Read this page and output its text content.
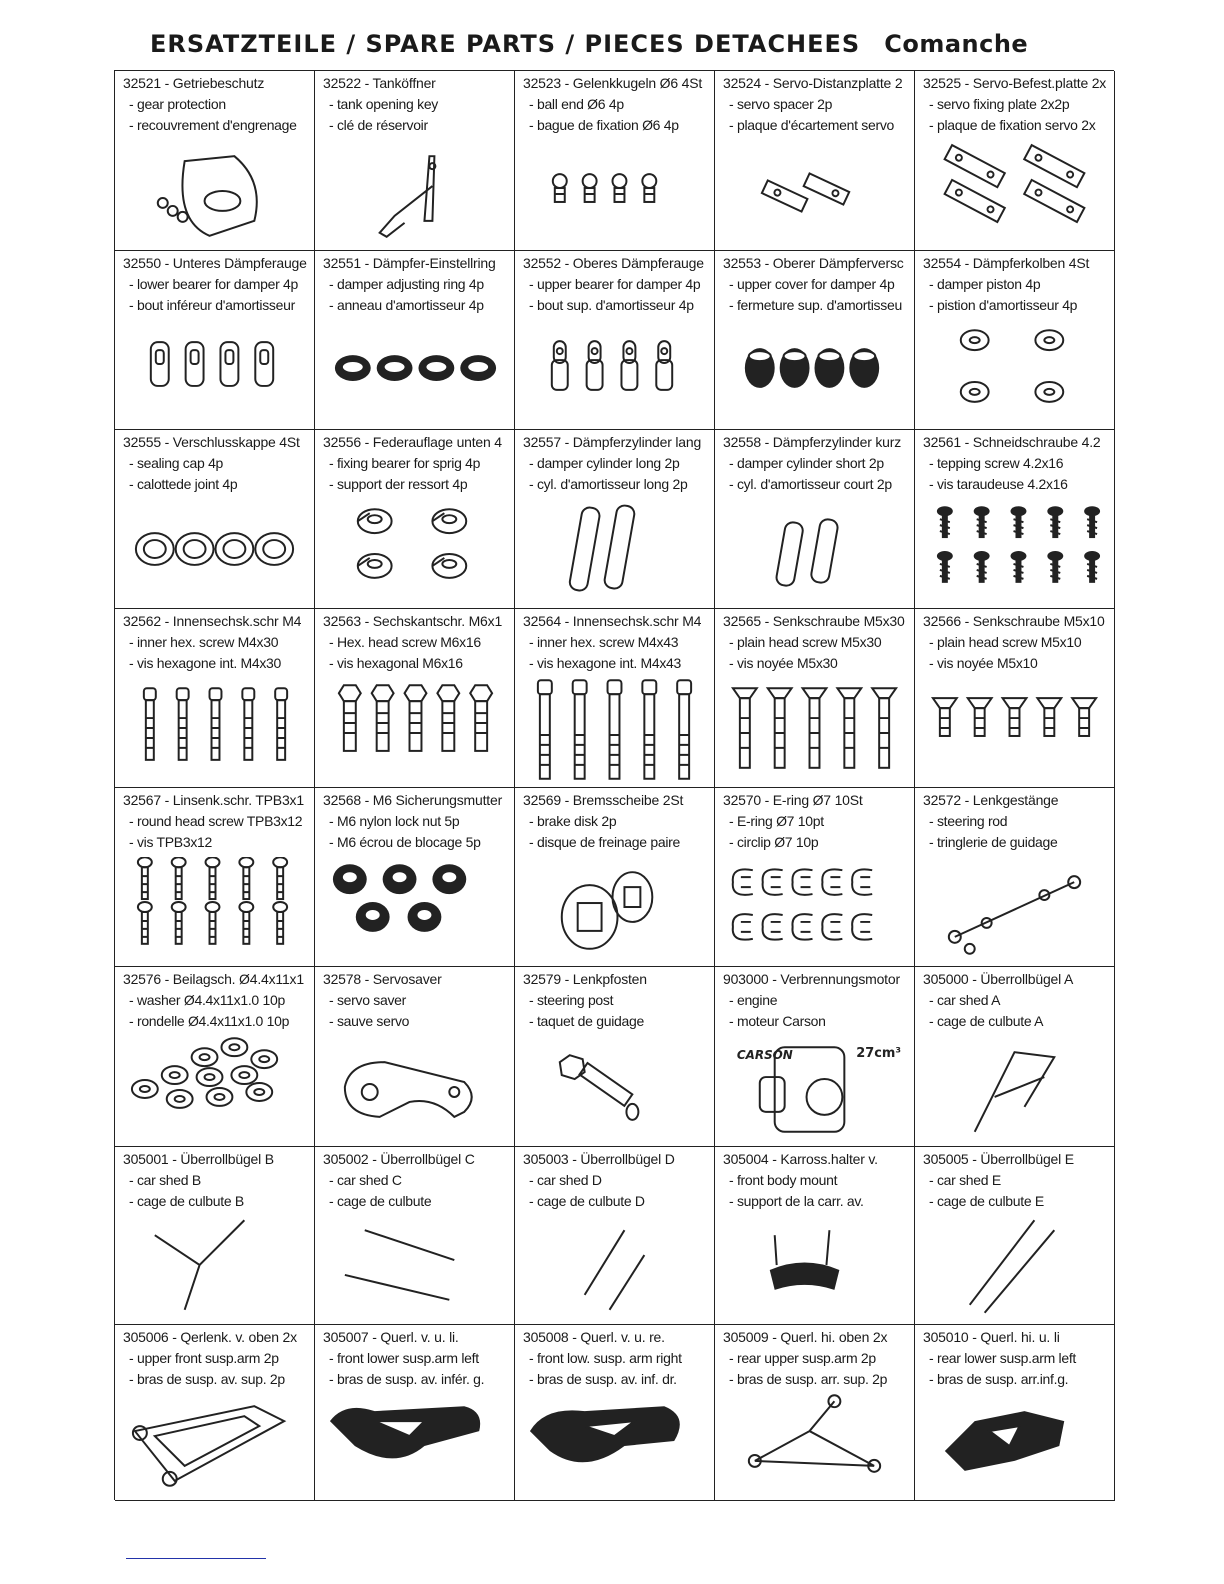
ERSATZTEILE / SPARE PARTS / PIECES DETACHEES Comanche
32521 - Getriebeschutz
- gear protection
- recouvrement d'engrenage
32522 - Tanköffner
- tank opening key
- clé de réservoir
32523 - Gelenkkugeln Ø6 4St
- ball end Ø6 4p
- bague de fixation Ø6 4p
32524 - Servo-Distanzplatte 2
- servo spacer 2p
- plaque d'écartement servo
32525 - Servo-Befest.platte 2x
- servo fixing plate 2x2p
- plaque de fixation servo 2x
32550 - Unteres Dämpferauge
- lower bearer for damper 4p
- bout inféreur d'amortisseur
32551 - Dämpfer-Einstellring
- damper adjusting ring 4p
- anneau d'amortisseur 4p
32552 - Oberes Dämpferauge
- upper bearer for damper 4p
- bout sup. d'amortisseur 4p
32553 - Oberer Dämpferversc
- upper cover for damper 4p
- fermeture sup. d'amortisseu
32554 - Dämpferkolben 4St
- damper piston 4p
- pistion d'amortisseur 4p
32555 - Verschlusskappe 4St
- sealing cap 4p
- calottede joint 4p
32556 - Federauflage unten 4
- fixing bearer for sprig 4p
- support der ressort 4p
32557 - Dämpferzylinder lang
- damper cylinder long 2p
- cyl. d'amortisseur long 2p
32558 - Dämpferzylinder kurz
- damper cylinder short 2p
- cyl. d'amortisseur court 2p
32561 - Schneidschraube 4.2
- tepping screw 4.2x16
- vis taraudeuse 4.2x16
32562 - Innensechsk.schr M4
- inner hex. screw M4x30
- vis hexagone int. M4x30
32563 - Sechskantschr. M6x1
- Hex. head screw M6x16
- vis hexagonal M6x16
32564 - Innensechsk.schr M4
- inner hex. screw M4x43
- vis hexagone int. M4x43
32565 - Senkschraube M5x30
- plain head screw M5x30
- vis noyée M5x30
32566 - Senkschraube M5x10
- plain head screw M5x10
- vis noyée M5x10
32567 - Linsenk.schr. TPB3x1
- round head screw TPB3x12
- vis TPB3x12
32568 - M6 Sicherungsmutter
- M6 nylon lock nut 5p
- M6 écrou de blocage 5p
32569 - Bremsscheibe 2St
- brake disk 2p
- disque de freinage paire
32570 - E-ring Ø7 10St
- E-ring Ø7 10pt
- circlip Ø7 10p
32572 - Lenkgestänge
- steering rod
- tringlerie de guidage
32576 - Beilagsch. Ø4.4x11x1
- washer Ø4.4x11x1.0 10p
- rondelle Ø4.4x11x1.0 10p
32578 - Servosaver
- servo saver
- sauve servo
32579 - Lenkpfosten
- steering post
- taquet de guidage
903000 - Verbrennungsmotor
- engine
- moteur Carson
CARSON	27cm³
305000 - Überrollbügel A
- car shed A
- cage de culbute A
305001 - Überrollbügel B
- car shed B
- cage de culbute B
305002 - Überrollbügel C
- car shed C
- cage de culbute
305003 - Überrollbügel D
- car shed D
- cage de culbute D
305004 - Karross.halter v.
- front body mount
- support de la carr. av.
305005 - Überrollbügel E
- car shed E
- cage de culbute E
305006 - Qerlenk. v. oben 2x
- upper front susp.arm 2p
- bras de susp. av. sup. 2p
305007 - Querl. v. u. li.
- front lower susp.arm left
- bras de susp. av. infér. g.
305008 - Querl. v. u. re.
- front low. susp. arm right
- bras de susp. av. inf. dr.
305009 - Querl. hi. oben 2x
- rear upper susp.arm 2p
- bras de susp. arr. sup. 2p
305010 - Querl. hi. u. li
- rear lower susp.arm left
- bras de susp. arr.inf.g.
